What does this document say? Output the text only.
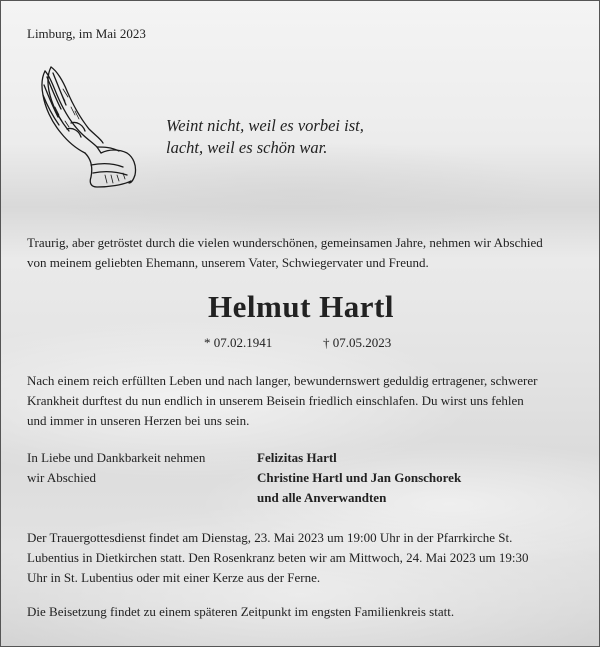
Limburg, im Mai 2023
Weint nicht, weil es vorbei ist,
lacht, weil es schön war.
Traurig, aber getröstet durch die vielen wunderschönen, gemeinsamen Jahre, nehmen wir Abschied
von meinem geliebten Ehemann, unserem Vater, Schwiegervater und Freund.
Helmut Hartl
* 07.02.1941	† 07.05.2023
Nach einem reich erfüllten Leben und nach langer, bewundernswert geduldig ertragener, schwerer
Krankheit durftest du nun endlich in unserem Beisein friedlich einschlafen. Du wirst uns fehlen
und immer in unseren Herzen bei uns sein.
In Liebe und Dankbarkeit nehmen
wir Abschied
Felizitas Hartl
Christine Hartl und Jan Gonschorek
und alle Anverwandten
Der Trauergottesdienst findet am Dienstag, 23. Mai 2023 um 19:00 Uhr in der Pfarrkirche St.
Lubentius in Dietkirchen statt. Den Rosenkranz beten wir am Mittwoch, 24. Mai 2023 um 19:30
Uhr in St. Lubentius oder mit einer Kerze aus der Ferne.
Die Beisetzung findet zu einem späteren Zeitpunkt im engsten Familienkreis statt.
